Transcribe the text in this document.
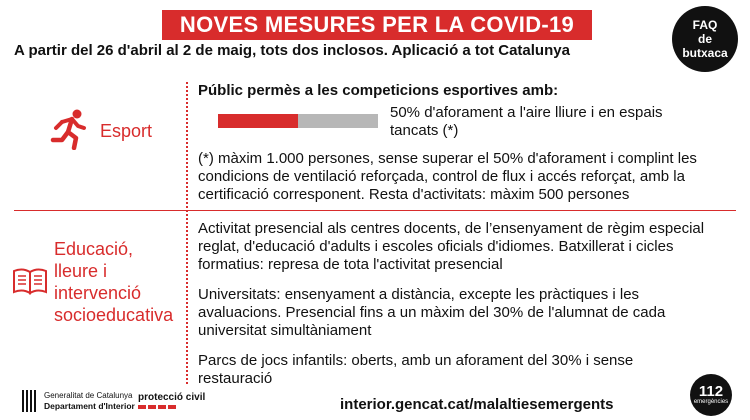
NOVES MESURES PER LA COVID-19	FAQ
de
butxaca
A partir del 26 d'abril al 2 de maig, tots dos inclosos. Aplicació a tot Catalunya
Esport
Públic permès a les competicions esportives amb:
50% d'aforament a l'aire lliure i en espais tancats (*)
(*) màxim 1.000 persones, sense superar el 50% d'aforament i complint les condicions de ventilació reforçada, control de flux i accés reforçat, amb la certificació corresponent. Resta d'activitats: màxim 500 persones
Educació,
lleure i
intervenció
socioeducativa
Activitat presencial als centres docents, de l’ensenyament de règim especial reglat, d'educació d'adults i escoles oficials d'idiomes. Batxillerat i cicles formatius: represa de tota l'activitat presencial
Universitats: ensenyament a distància, excepte les pràctiques i les avaluacions. Presencial fins a un màxim del 30% de l'alumnat de cada universitat simultàniament
Parcs de jocs infantils: oberts, amb un aforament del 30% i sense restauració
Generalitat de Catalunya
Departament d'Interior
protecció civil	interior.gencat.cat/malaltiesemergents
112
emergències
